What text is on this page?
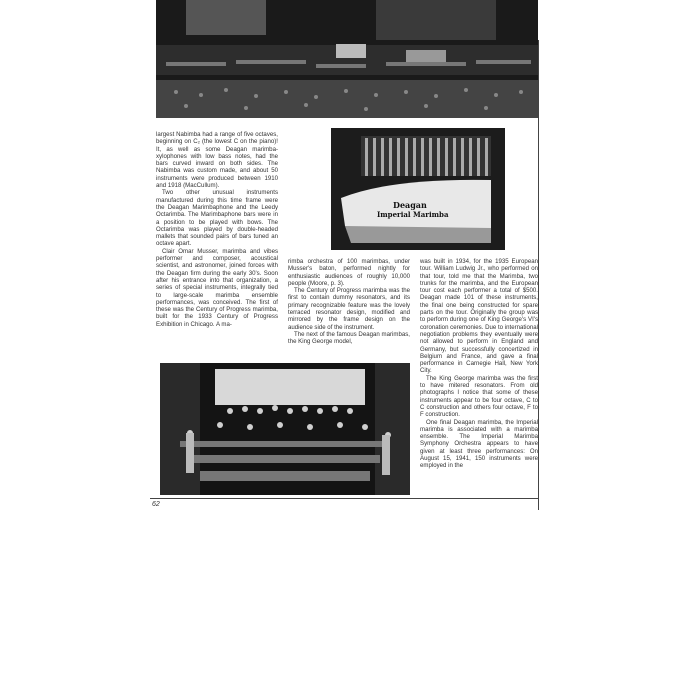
Deagan
Imperial Marimba

largest Nabimba had a range of five octaves, beginning on C₂ (the lowest C on the piano)! It, as well as some Deagan marimba-xylophones with low bass notes, had the bars curved inward on both sides. The Nabimba was custom made, and about 50 instruments were produced between 1910 and 1918 (MacCullum).

Two other unusual instruments manufactured during this time frame were the Deagan Marimbaphone and the Leedy Octarimba. The Marimbaphone bars were in a position to be played with bows. The Octarimba was played by double-headed mallets that sounded pairs of bars tuned an octave apart.

Clair Omar Musser, marimba and vibes performer and composer, acoustical scientist, and astronomer, joined forces with the Deagan firm during the early 30's. Soon after his entrance into that organization, a series of special instruments, integrally tied to large-scale marimba ensemble performances, was conceived. The first of these was the Century of Progress marimba, built for the 1933 Century of Progress Exhibition in Chicago. A ma-

rimba orchestra of 100 marimbas, under Musser's baton, performed nightly for enthusiastic audiences of roughly 10,000 people (Moore, p. 3).

The Century of Progress marimba was the first to contain dummy resonators, and its primary recognizable feature was the lovely terraced resonator design, modified and mirrored by the frame design on the audience side of the instrument.

The next of the famous Deagan marimbas, the King George model,

was built in 1934, for the 1935 European tour. William Ludwig Jr., who performed on that tour, told me that the Marimba, two trunks for the marimba, and the European tour cost each performer a total of $500. Deagan made 101 of these instruments, the final one being constructed for spare parts on the tour. Originally the group was to perform during one of King George's VI's coronation ceremonies. Due to international negotiation problems they eventually were not allowed to perform in England and Germany, but successfully concertized in Belgium and France, and gave a final performance in Carnegie Hall, New York City.

The King George marimba was the first to have mitered resonators. From old photographs I notice that some of these instruments appear to be four octave, C to C construction and others four octave, F to F construction.

One final Deagan marimba, the Imperial marimba is associated with a marimba ensemble. The Imperial Marimba Symphony Orchestra appears to have given at least three performances: On August 15, 1941, 150 instruments were employed in the

62
